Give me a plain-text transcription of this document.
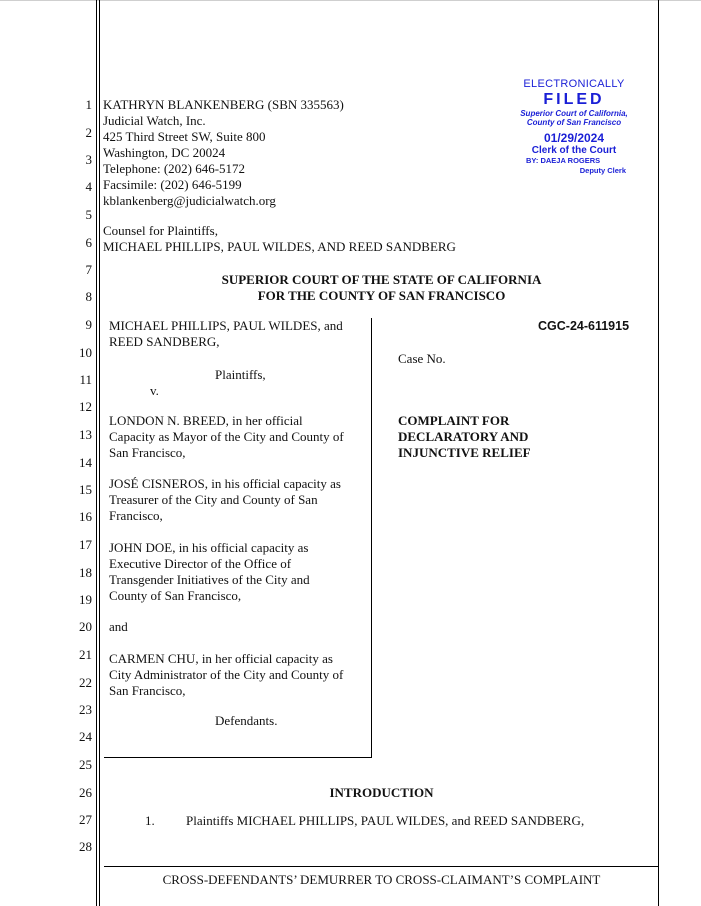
1
2
3
4
5
6
7
8
9
10
11
12
13
14
15
16
17
18
19
20
21
22
23
24
25
26
27
28
KATHRYN BLANKENBERG (SBN 335563)
Judicial Watch, Inc.
425 Third Street SW, Suite 800
Washington, DC 20024
Telephone: (202) 646-5172
Facsimile: (202) 646-5199
kblankenberg@judicialwatch.org
Counsel for Plaintiffs,
MICHAEL PHILLIPS, PAUL WILDES, AND REED SANDBERG
ELECTRONICALLY
FILED
Superior Court of California,
County of San Francisco
01/29/2024
Clerk of the Court
BY: DAEJA ROGERS
Deputy Clerk
SUPERIOR COURT OF THE STATE OF CALIFORNIA
FOR THE COUNTY OF SAN FRANCISCO
MICHAEL PHILLIPS, PAUL WILDES, and
REED SANDBERG,
Plaintiffs,
v.
LONDON N. BREED, in her official
Capacity as Mayor of the City and County of
San Francisco,
JOSÉ CISNEROS, in his official capacity as
Treasurer of the City and County of San
Francisco,
JOHN DOE, in his official capacity as
Executive Director of the Office of
Transgender Initiatives of the City and
County of San Francisco,
and
CARMEN CHU, in her official capacity as
City Administrator of the City and County of
San Francisco,
Defendants.
CGC-24-611915
Case No.
COMPLAINT FOR
DECLARATORY AND
INJUNCTIVE RELIEF
INTRODUCTION
1. Plaintiffs MICHAEL PHILLIPS, PAUL WILDES, and REED SANDBERG,
CROSS-DEFENDANTS’ DEMURRER TO CROSS-CLAIMANT’S COMPLAINT
